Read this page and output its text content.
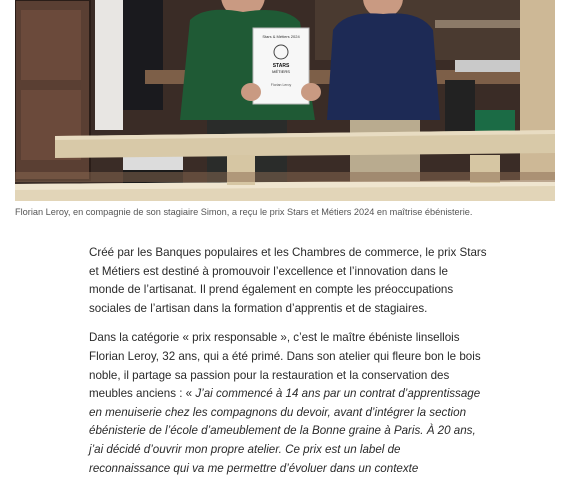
Stars & Métiers 2024
STARS
MÉTIERS
Florian Leroy
Florian Leroy, en compagnie de son stagiaire Simon, a reçu le prix Stars et Métiers 2024 en maîtrise ébénisterie.

Créé par les Banques populaires et les Chambres de commerce, le prix Stars
et Métiers est destiné à promouvoir l’excellence et l’innovation dans le
monde de l’artisanat. Il prend également en compte les préoccupations
sociales de l’artisan dans la formation d’apprentis et de stagiaires.

Dans la catégorie « prix responsable », c’est le maître ébéniste linsellois
Florian Leroy, 32 ans, qui a été primé. Dans son atelier qui fleure bon le bois
noble, il partage sa passion pour la restauration et la conservation des
meubles anciens : « J’ai commencé à 14 ans par un contrat d’apprentissage
en menuiserie chez les compagnons du devoir, avant d’intégrer la section
ébénisterie de l’école d’ameublement de la Bonne graine à Paris. À 20 ans,
j’ai décidé d’ouvrir mon propre atelier. Ce prix est un label de
reconnaissance qui va me permettre d’évoluer dans un contexte
